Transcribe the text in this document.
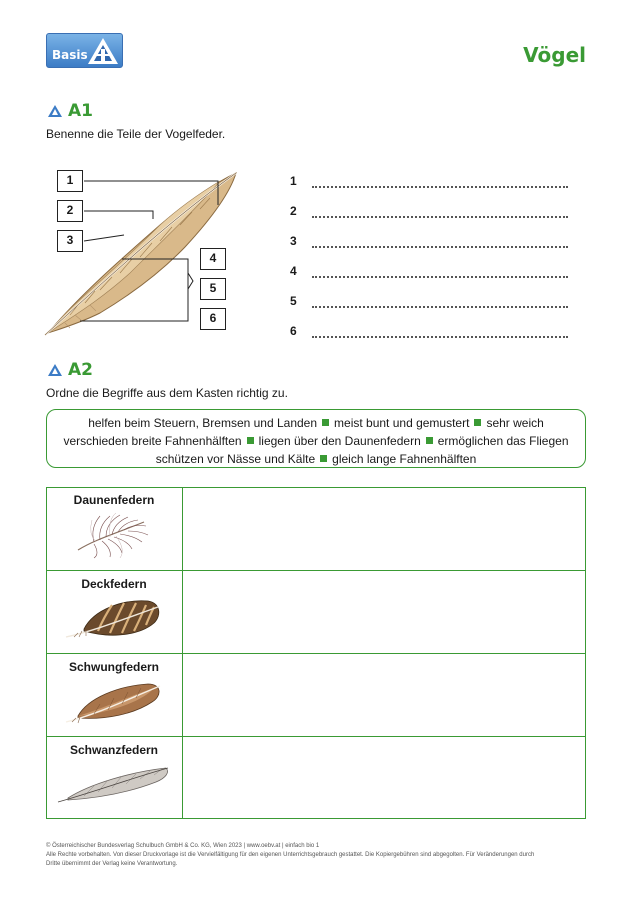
Basis	Vögel
A1
Benenne die Teile der Vogelfeder.
1
2
3
4
5
6
1
2
3
4
5
6
A2
Ordne die Begriffe aus dem Kasten richtig zu.
helfen beim Steuern, Bremsen und Landen meist bunt und gemustert sehr weich
verschieden breite Fahnenhälften liegen über den Daunenfedern ermöglichen das Fliegen
schützen vor Nässe und Kälte gleich lange Fahnenhälften
Daunenfedern
Deckfedern
Schwungfedern
Schwanzfedern
© Österreichischer Bundesverlag Schulbuch GmbH & Co. KG, Wien 2023 | www.oebv.at | einfach bio 1
Alle Rechte vorbehalten. Von dieser Druckvorlage ist die Vervielfältigung für den eigenen Unterrichtsgebrauch gestattet. Die Kopiergebühren sind abgegolten. Für Veränderungen durch
Dritte übernimmt der Verlag keine Verantwortung.
